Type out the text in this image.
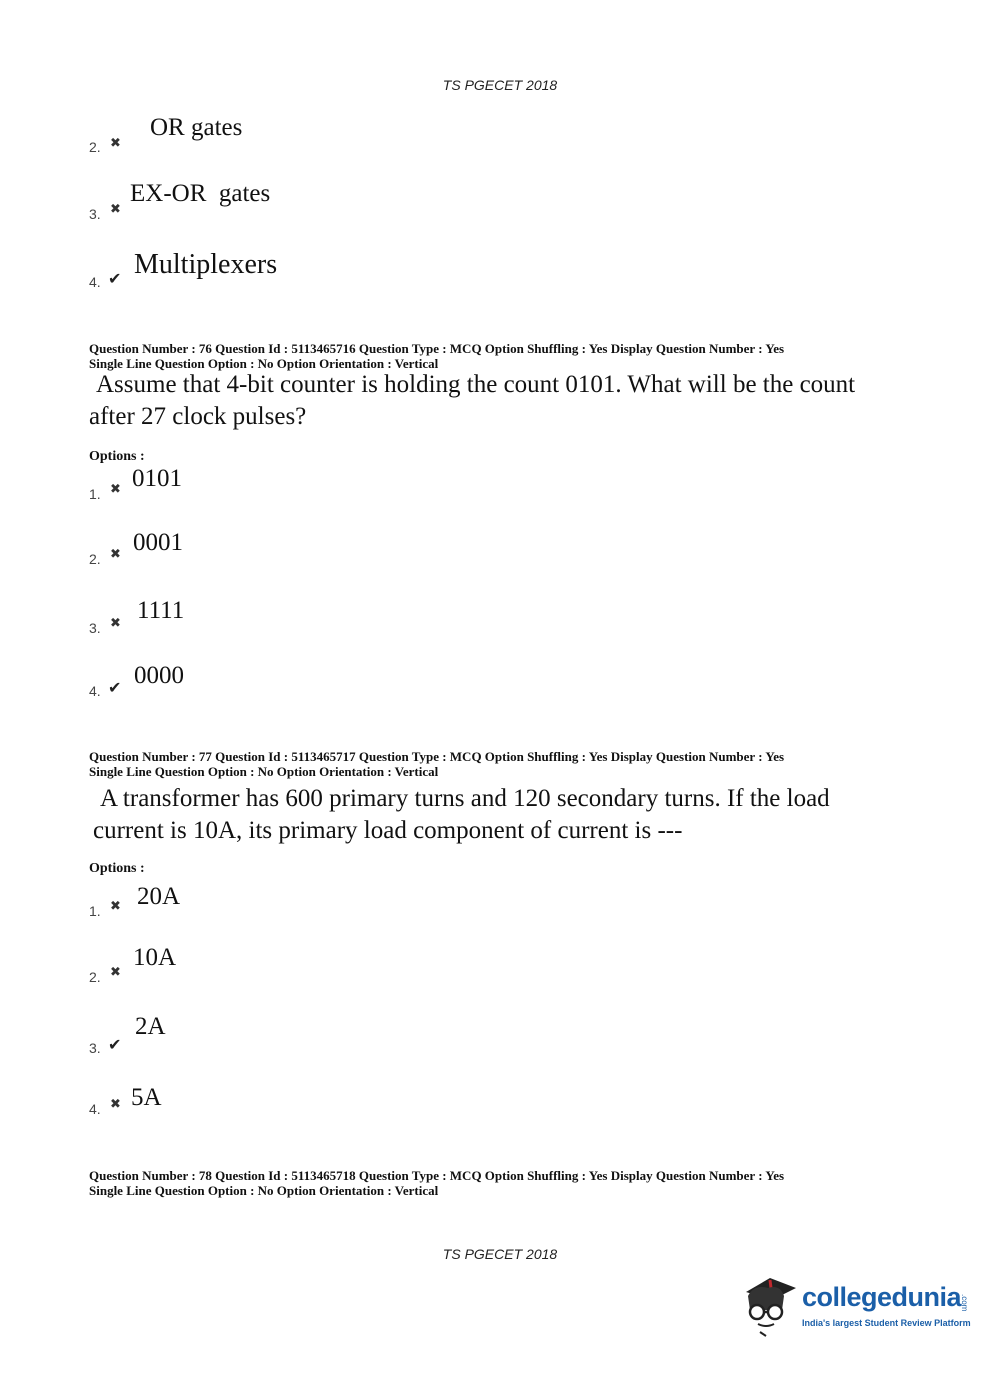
TS PGECET 2018
2. ✖
OR gates
3. ✖
EX-OR  gates
4. ✔ Multiplexers
Question Number : 76 Question Id : 5113465716 Question Type : MCQ Option Shuffling : Yes Display Question Number : Yes
Single Line Question Option : No Option Orientation : Vertical
Assume that 4-bit counter is holding the count 0101. What will be the count
after 27 clock pulses?
Options :
1. ✖ 0101
2. ✖ 0001
3. ✖ 1111
4. ✔ 0000
Question Number : 77 Question Id : 5113465717 Question Type : MCQ Option Shuffling : Yes Display Question Number : Yes
Single Line Question Option : No Option Orientation : Vertical
A transformer has 600 primary turns and 120 secondary turns. If the load
current is 10A, its primary load component of current is ---
Options :
1. ✖ 20A
2. ✖
10A
3. ✔
2A
4. ✖ 5A
Question Number : 78 Question Id : 5113465718 Question Type : MCQ Option Shuffling : Yes Display Question Number : Yes
Single Line Question Option : No Option Orientation : Vertical
TS PGECET 2018
collegedunia
.com
India's largest Student Review Platform
